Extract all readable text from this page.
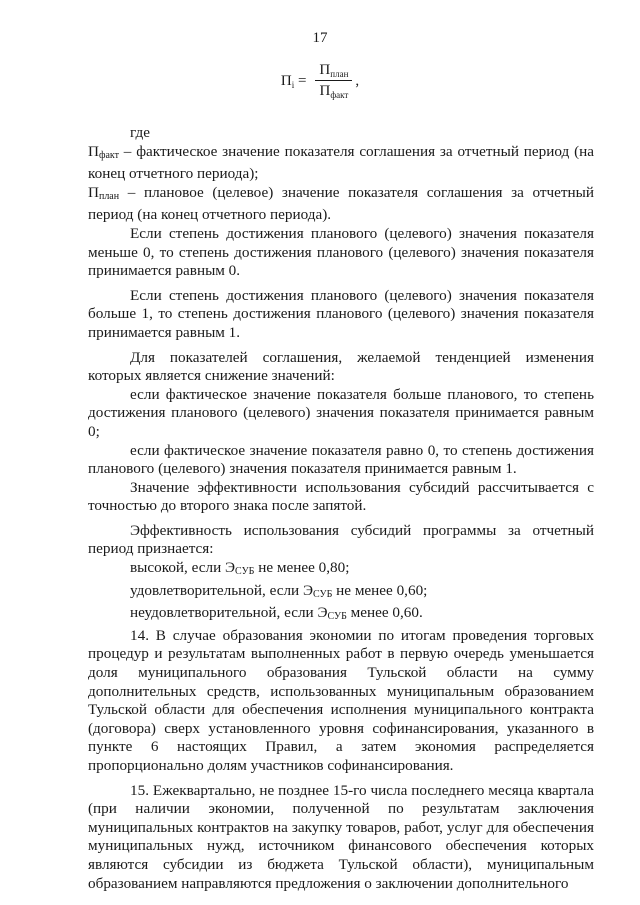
17
$П_i = \frac{П_{план}}{П_{факт}}$ ,

где

Пфакт – фактическое значение показателя соглашения за отчетный период (на конец отчетного периода);

Пплан – плановое (целевое) значение показателя соглашения за отчетный период (на конец отчетного периода).

Если степень достижения планового (целевого) значения показателя меньше 0, то степень достижения планового (целевого) значения показателя принимается равным 0.

Если степень достижения планового (целевого) значения показателя больше 1, то степень достижения планового (целевого) значения показателя принимается равным 1.

Для показателей соглашения, желаемой тенденцией изменения которых является снижение значений:

если фактическое значение показателя больше планового, то степень достижения планового (целевого) значения показателя принимается равным 0;

если фактическое значение показателя равно 0, то степень достижения планового (целевого) значения показателя принимается равным 1.

Значение эффективности использования субсидий рассчитывается с точностью до второго знака после запятой.

Эффективность использования субсидий программы за отчетный период признается:

высокой, если ЭСУБ не менее 0,80;

удовлетворительной, если ЭСУБ не менее 0,60;

неудовлетворительной, если ЭСУБ менее 0,60.

14. В случае образования экономии по итогам проведения торговых процедур и результатам выполненных работ в первую очередь уменьшается доля муниципального образования Тульской области на сумму дополнительных средств, использованных муниципальным образованием Тульской области для обеспечения исполнения муниципального контракта (договора) сверх установленного уровня софинансирования, указанного в пункте 6 настоящих Правил, а затем экономия распределяется пропорционально долям участников софинансирования.

15. Ежеквартально, не позднее 15-го числа последнего месяца квартала (при наличии экономии, полученной по результатам заключения муниципальных контрактов на закупку товаров, работ, услуг для обеспечения муниципальных нужд, источником финансового обеспечения которых являются субсидии из бюджета Тульской области), муниципальным образованием направляются предложения о заключении дополнительного
